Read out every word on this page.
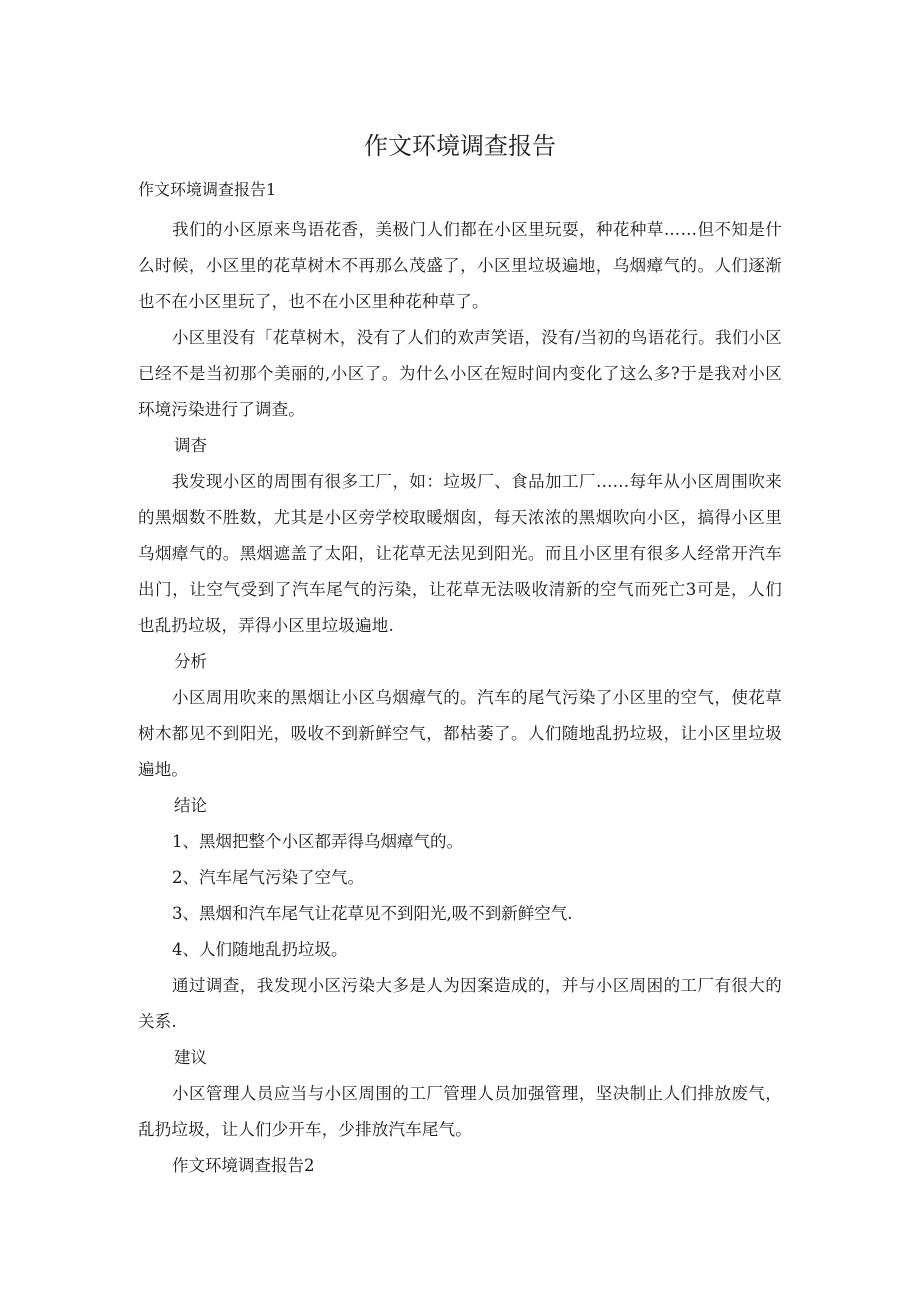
作文环境调查报告
作文环境调查报告1

我们的小区原来鸟语花香，美极门人们都在小区里玩耍，种花种草……但不知是什么时候，小区里的花草树木不再那么茂盛了，小区里垃圾遍地，乌烟瘴气的。人们逐渐也不在小区里玩了，也不在小区里种花种草了。

小区里没有「花草树木，没有了人们的欢声笑语，没有/当初的鸟语花行。我们小区已经不是当初那个美丽的,小区了。为什么小区在短时间内变化了这么多?于是我对小区环境污染进行了调查。

调杳

我发现小区的周围有很多工厂，如：垃圾厂、食品加工厂……每年从小区周围吹来的黑烟数不胜数，尤其是小区旁学校取暖烟囱，每天浓浓的黑烟吹向小区，搞得小区里乌烟瘴气的。黑烟遮盖了太阳，让花草无法见到阳光。而且小区里有很多人经常开汽车出门，让空气受到了汽车尾气的污染，让花草无法吸收清新的空气而死亡3可是，人们也乱扔垃圾，弄得小区里垃圾遍地.

分析

小区周用吹来的黑烟让小区乌烟瘴气的。汽车的尾气污染了小区里的空气，使花草树木都见不到阳光，吸收不到新鲜空气，都枯萎了。人们随地乱扔垃圾，让小区里垃圾遍地。

结论

1、黑烟把整个小区都弄得乌烟瘴气的。

2、汽车尾气污染了空气。

3、黑烟和汽车尾气让花草见不到阳光,吸不到新鲜空气.

4、人们随地乱扔垃圾。

通过调查，我发现小区污染大多是人为因案造成的，并与小区周困的工厂有很大的关系.

建议

小区管理人员应当与小区周围的工厂管理人员加强管理，坚决制止人们排放废气，乱扔垃圾，让人们少开车，少排放汽车尾气。

作文环境调查报告2
